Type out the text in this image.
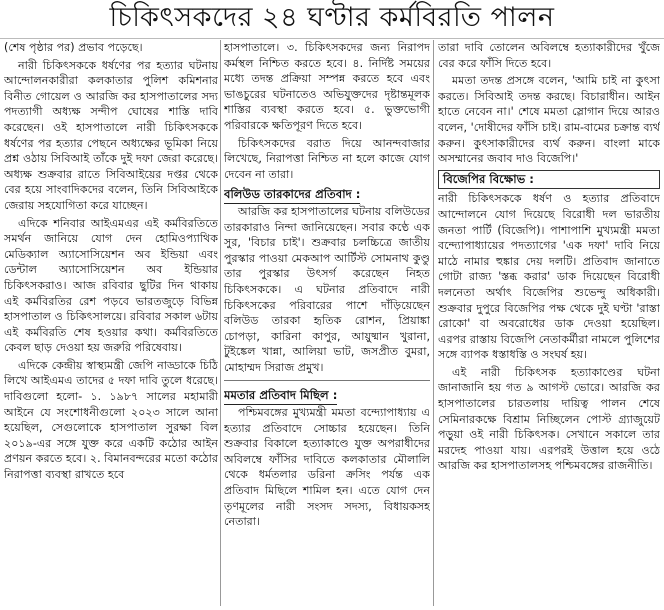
চিকিৎসকদের ২৪ ঘণ্টার কর্মবিরতি পালন

(শেষ পৃষ্ঠার পর) প্রভাব পড়েছে।

নারী চিকিৎসককে ধর্ষণের পর হত্যার ঘটনায় আন্দোলনকারীরা কলকাতার পুলিশ কমিশনার বিনীত গোয়েল ও আরজি কর হাসপাতালের সদ্য পদত্যাগী অধ্যক্ষ সন্দীপ ঘোষের শাস্তি দাবি করেছেন। ওই হাসপাতালে নারী চিকিৎসককে ধর্ষণের পর হত্যার পেছনে অধ্যক্ষের ভূমিকা নিয়ে প্রশ্ন ওঠায় সিবিআই তাঁকে দুই দফা জেরা করেছে। অধ্যক্ষ শুক্রবার রাতে সিবিআইয়ের দপ্তর থেকে বের হয়ে সাংবাদিকদের বলেন, তিনি সিবিআইকে জেরায় সহযোগিতা করে যাচ্ছেন।

এদিকে শনিবার আইএমএর এই কর্মবিরতিতে সমর্থন জানিয়ে যোগ দেন হোমিওপ্যাথিক মেডিক্যাল অ্যাসোসিয়েশন অব ইন্ডিয়া এবং ডেন্টাল অ্যাসোসিয়েশন অব ইন্ডিয়ার চিকিৎসকরাও। আজ রবিবার ছুটির দিন থাকায় এই কর্মবিরতির রেশ পড়বে ভারতজুড়ে বিভিন্ন হাসপাতাল ও চিকিৎসালয়ে। রবিবার সকাল ৬টায় এই কর্মবিরতি শেষ হওয়ার কথা। কর্মবিরতিতে কেবল ছাড় দেওয়া হয় জরুরি পরিষেবায়।

এদিকে কেন্দ্রীয় স্বাস্থ্যমন্ত্রী জেপি নাড্ডাকে চিঠি লিখে আইএমএ তাদের ৫ দফা দাবি তুলে ধরেছে। দাবিগুলো হলো- ১. ১৯৮৭ সালের মহামারী আইনে যে সংশোধনীগুলো ২০২৩ সালে আনা হয়েছিল, সেগুলোকে হাসপাতাল সুরক্ষা বিল ২০১৯-এর সঙ্গে যুক্ত করে একটি কঠোর আইন প্রণয়ন করতে হবে। ২. বিমানবন্দরের মতো কঠোর নিরাপত্তা ব্যবস্থা রাখতে হবে

হাসপাতালে। ৩. চিকিৎসকদের জন্য নিরাপদ কর্মস্থল নিশ্চিত করতে হবে। ৪. নির্দিষ্ট সময়ের মধ্যে তদন্ত প্রক্রিয়া সম্পন্ন করতে হবে এবং ভাঙচুরের ঘটনাতেও অভিযুক্তদের দৃষ্টান্তমূলক শাস্তির ব্যবস্থা করতে হবে। ৫. ভুক্তভোগী পরিবারকে ক্ষতিপূরণ দিতে হবে।

চিকিৎসকদের বরাত দিয়ে আনন্দবাজার লিখেছে, নিরাপত্তা নিশ্চিত না হলে কাজে যোগ দেবেন না তারা।

বলিউড তারকাদের প্রতিবাদ :

আরজি কর হাসপাতালের ঘটনায় বলিউডের তারকারাও নিন্দা জানিয়েছেন। সবার কণ্ঠে এক সুর, 'বিচার চাই'। শুক্রবার চলচ্চিত্রে জাতীয় পুরস্কার পাওয়া মেকআপ আর্টিস্ট সোমনাথ কুণ্ডু তার পুরস্কার উৎসর্গ করেছেন নিহত চিকিৎসককে। এ ঘটনার প্রতিবাদে নারী চিকিৎসকের পরিবারের পাশে দাঁড়িয়েছেন বলিউড তারকা হৃতিক রোশন, প্রিয়াঙ্কা চোপড়া, কারিনা কাপুর, আয়ুষ্মান খুরানা, টুইঙ্কেল খান্না, আলিয়া ভাট, জসপ্রীত বুমরা, মোহাম্মদ সিরাজ প্রমুখ।

মমতার প্রতিবাদ মিছিল :

পশ্চিমবঙ্গের মুখ্যমন্ত্রী মমতা বন্দ্যোপাধ্যায় এ হত্যার প্রতিবাদে সোচ্চার হয়েছেন। তিনি শুক্রবার বিকালে হত্যাকাণ্ডে যুক্ত অপরাধীদের অবিলম্বে ফাঁসির দাবিতে কলকাতার মৌলালি থেকে ধর্মতলার ডরিনা ক্রসিং পর্যন্ত এক প্রতিবাদ মিছিলে শামিল হন। এতে যোগ দেন তৃণমূলের নারী সংসদ সদস্য, বিধায়কসহ নেতারা।

তারা দাবি তোলেন অবিলম্বে হত্যাকারীদের খুঁজে বের করে ফাঁসি দিতে হবে।

মমতা তদন্ত প্রসঙ্গে বলেন, 'আমি চাই না কুৎসা করতে। সিবিআই তদন্ত করছে। বিচারাধীন। আইন হাতে নেবেন না।' শেষে মমতা স্লোগান দিয়ে আরও বলেন, 'দোষীদের ফাঁসি চাই। রাম-বামের চক্রান্ত ব্যর্থ করুন। কুৎসাকারীদের ব্যর্থ করুন। বাংলা মাকে অসম্মানের জবাব দাও বিজেপি।'

বিজেপির বিক্ষোভ :

নারী চিকিৎসককে ধর্ষণ ও হত্যার প্রতিবাদে আন্দোলনে যোগ দিয়েছে বিরোধী দল ভারতীয় জনতা পার্টি (বিজেপি)। পাশাপাশি মুখ্যমন্ত্রী মমতা বন্দ্যোপাধ্যায়ের পদত্যাগের 'এক দফা' দাবি নিয়ে মাঠে নামার হুঙ্কার দেয় দলটি। প্রতিবাদ জানাতে গোটা রাজ্য 'স্তব্ধ করার' ডাক দিয়েছেন বিরোধী দলনেতা অর্থাৎ বিজেপির শুভেন্দু অধিকারী। শুক্রবার দুপুরে বিজেপির পক্ষ থেকে দুই ঘণ্টা 'রাস্তা রোকো' বা অবরোধের ডাক দেওয়া হয়েছিল। এরপর রাস্তায় বিজেপি নেতাকর্মীরা নামলে পুলিশের সঙ্গে ব্যাপক ধস্তাধস্তি ও সংঘর্ষ হয়।

এই নারী চিকিৎসক হত্যাকাণ্ডের ঘটনা জানাজানি হয় গত ৯ আগস্ট ভোরে। আরজি কর হাসপাতালের চারতলায় দায়িত্ব পালন শেষে সেমিনারকক্ষে বিশ্রাম নিচ্ছিলেন পোস্ট গ্র্যাজুয়েট পড়ুয়া ওই নারী চিকিৎসক। সেখানে সকালে তার মরদেহ পাওয়া যায়। এরপরই উত্তাল হয়ে ওঠে আরজি কর হাসপাতালসহ পশ্চিমবঙ্গের রাজনীতি।
